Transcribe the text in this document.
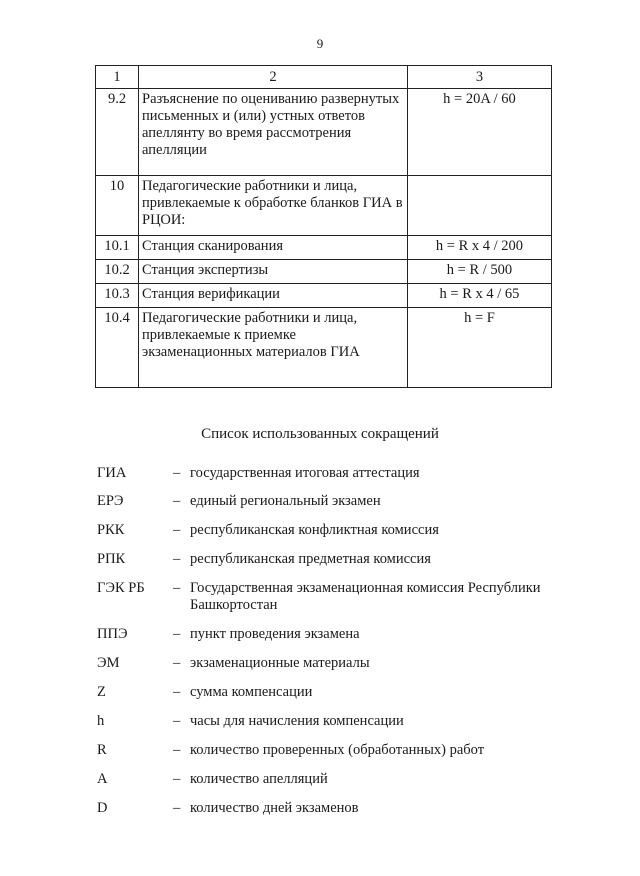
9
1	2	3
9.2	Разъяснение по оцениванию развернутых письменных и (или) устных ответов апеллянту во время рассмотрения апелляции	h = 20A / 60
10	Педагогические работники и лица, привлекаемые к обработке бланков ГИА в РЦОИ:	
10.1	Станция сканирования	h = R x 4 / 200
10.2	Станция экспертизы	h = R / 500
10.3	Станция верификации	h = R x 4 / 65
10.4	Педагогические работники и лица, привлекаемые к приемке экзаменационных материалов ГИА	h = F
Список использованных сокращений
ГИА	– государственная итоговая аттестация
ЕРЭ	– единый региональный экзамен
РКК	– республиканская конфликтная комиссия
РПК	– республиканская предметная комиссия
ГЭК РБ – Государственная экзаменационная комиссия Республики Башкортостан
ППЭ	– пункт проведения экзамена
ЭМ	– экзаменационные материалы
Z	– сумма компенсации
h	– часы для начисления компенсации
R	– количество проверенных (обработанных) работ
A	– количество апелляций
D	– количество дней экзаменов
